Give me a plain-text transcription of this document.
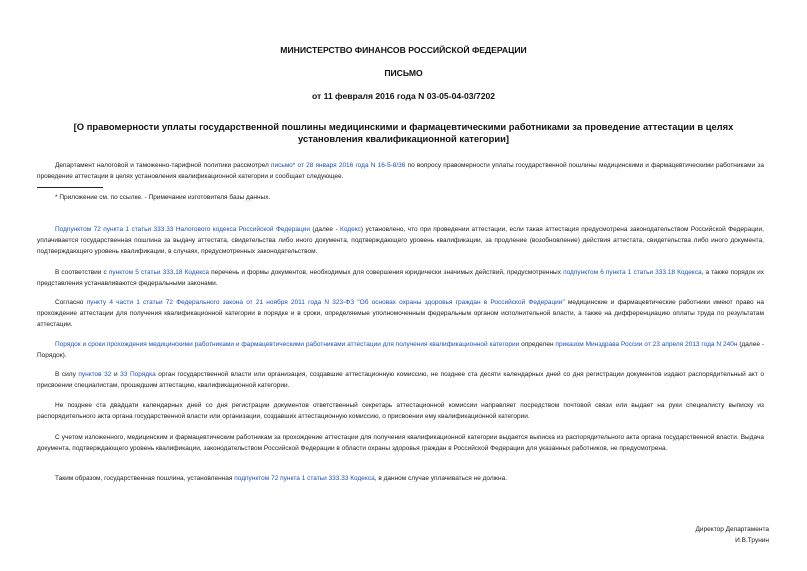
МИНИСТЕРСТВО ФИНАНСОВ РОССИЙСКОЙ ФЕДЕРАЦИИ
ПИСЬМО
от 11 февраля 2016 года N 03-05-04-03/7202
[О правомерности уплаты государственной пошлины медицинскими и фармацевтическими работниками за проведение аттестации в целях установления квалификационной категории]
Департамент налоговой и таможенно-тарифной политики рассмотрел письмо* от 28 января 2016 года N 16-5-8/36 по вопросу правомерности уплаты государственной пошлины медицинскими и фармацевтическими работниками за проведение аттестации в целях установления квалификационной категории и сообщает следующее.
* Приложение см. по ссылке. - Примечание изготовителя базы данных.
Подпунктом 72 пункта 1 статьи 333.33 Налогового кодекса Российской Федерации (далее - Кодекс) установлено, что при проведении аттестации, если такая аттестация предусмотрена законодательством Российской Федерации, уплачивается государственная пошлина за выдачу аттестата, свидетельства либо иного документа, подтверждающего уровень квалификации, за продление (возобновление) действия аттестата, свидетельства либо иного документа, подтверждающего уровень квалификации, в случаях, предусмотренных законодательством.
В соответствии с пунктом 5 статьи 333.18 Кодекса перечень и формы документов, необходимых для совершения юридически значимых действий, предусмотренных подпунктом 6 пункта 1 статьи 333.18 Кодекса, а также порядок их представления устанавливаются федеральными законами.
Согласно пункту 4 части 1 статьи 72 Федерального закона от 21 ноября 2011 года N 323-ФЗ "Об основах охраны здоровья граждан в Российской Федерации" медицинские и фармацевтические работники имеют право на прохождение аттестации для получения квалификационной категории в порядке и в сроки, определяемые уполномоченным федеральным органом исполнительной власти, а также на дифференциацию оплаты труда по результатам аттестации.
Порядок и сроки прохождения медицинскими работниками и фармацевтическими работниками аттестации для получения квалификационной категории определен приказом Минздрава России от 23 апреля 2013 года N 240н (далее - Порядок).
В силу пунктов 32 и 33 Порядка орган государственной власти или организация, создавшие аттестационную комиссию, не позднее ста десяти календарных дней со дня регистрации документов издают распорядительный акт о присвоении специалистам, прошедшим аттестацию, квалификационной категории.
Не позднее ста двадцати календарных дней со дня регистрации документов ответственный секретарь аттестационной комиссии направляет посредством почтовой связи или выдает на руки специалисту выписку из распорядительного акта органа государственной власти или организации, создавших аттестационную комиссию, о присвоении ему квалификационной категории.
С учетом изложенного, медицинским и фармацевтическим работникам за прохождение аттестации для получения квалификационной категории выдается выписка из распорядительного акта органа государственной власти. Выдача документа, подтверждающего уровень квалификации, законодательством Российской Федерации в области охраны здоровья граждан в Российской Федерации для указанных работников, не предусмотрена.
Таким образом, государственная пошлина, установленная подпунктом 72 пункта 1 статьи 333.33 Кодекса, в данном случае уплачиваться не должна.
Директор Департамента
И.В.Трунин
